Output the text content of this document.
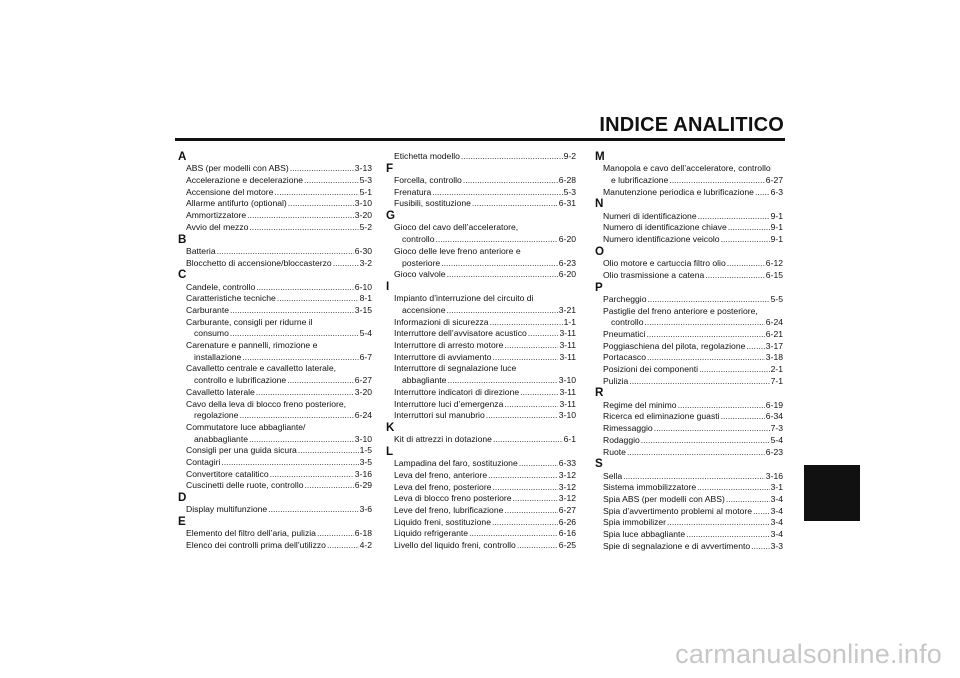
INDICE ANALITICO
A
ABS (per modelli con ABS) .....	3-13
Accelerazione e decelerazione .....	5-3
Accensione del motore .....	5-1
Allarme antifurto (optional) .....	3-10
Ammortizzatore .....	3-20
Avvio del mezzo .....	5-2
B
Batteria .....	6-30
Blocchetto di accensione/bloccasterzo .....	3-2
C
Candele, controllo .....	6-10
Caratteristiche tecniche .....	8-1
Carburante .....	3-15
Carburante, consigli per ridurne il
consumo .....	5-4
Carenature e pannelli, rimozione e
installazione .....	6-7
Cavalletto centrale e cavalletto laterale,
controllo e lubrificazione .....	6-27
Cavalletto laterale .....	3-20
Cavo della leva di blocco freno posteriore,
regolazione .....	6-24
Commutatore luce abbagliante/
anabbagliante .....	3-10
Consigli per una guida sicura .....	1-5
Contagiri .....	3-5
Convertitore catalitico .....	3-16
Cuscinetti delle ruote, controllo .....	6-29
D
Display multifunzione .....	3-6
E
Elemento del filtro dell’aria, pulizia .....	6-18
Elenco dei controlli prima dell’utilizzo .....	4-2
Etichetta modello .....	9-2
F
Forcella, controllo .....	6-28
Frenatura .....	5-3
Fusibili, sostituzione .....	6-31
G
Gioco del cavo dell’acceleratore,
controllo .....	6-20
Gioco delle leve freno anteriore e
posteriore .....	6-23
Gioco valvole .....	6-20
I
Impianto d’interruzione del circuito di
accensione .....	3-21
Informazioni di sicurezza .....	1-1
Interruttore dell’avvisatore acustico .....	3-11
Interruttore di arresto motore .....	3-11
Interruttore di avviamento .....	3-11
Interruttore di segnalazione luce
abbagliante .....	3-10
Interruttore indicatori di direzione .....	3-11
Interruttore luci d’emergenza .....	3-11
Interruttori sul manubrio .....	3-10
K
Kit di attrezzi in dotazione .....	6-1
L
Lampadina del faro, sostituzione .....	6-33
Leva del freno, anteriore .....	3-12
Leva del freno, posteriore .....	3-12
Leva di blocco freno posteriore .....	3-12
Leve del freno, lubrificazione .....	6-27
Liquido freni, sostituzione .....	6-26
Liquido refrigerante .....	6-16
Livello del liquido freni, controllo .....	6-25
M
Manopola e cavo dell’acceleratore, controllo
e lubrificazione .....	6-27
Manutenzione periodica e lubrificazione ..... 6-3
N
Numeri di identificazione .....	9-1
Numero di identificazione chiave .....	9-1
Numero identificazione veicolo .....	9-1
O
Olio motore e cartuccia filtro olio .....	6-12
Olio trasmissione a catena .....	6-15
P
Parcheggio .....	5-5
Pastiglie del freno anteriore e posteriore,
controllo .....	6-24
Pneumatici .....	6-21
Poggiaschiena del pilota, regolazione ..... 3-17
Portacasco .....	3-18
Posizioni dei componenti .....	2-1
Pulizia .....	7-1
R
Regime del minimo .....	6-19
Ricerca ed eliminazione guasti .....	6-34
Rimessaggio .....	7-3
Rodaggio .....	5-4
Ruote .....	6-23
S
Sella .....	3-16
Sistema immobilizzatore .....	3-1
Spia ABS (per modelli con ABS) .....	3-4
Spia d’avvertimento problemi al motore ..... 3-4
Spia immobilizer .....	3-4
Spia luce abbagliante .....	3-4
Spie di segnalazione e di avvertimento ..... 3-3
carmanualsonline.info
